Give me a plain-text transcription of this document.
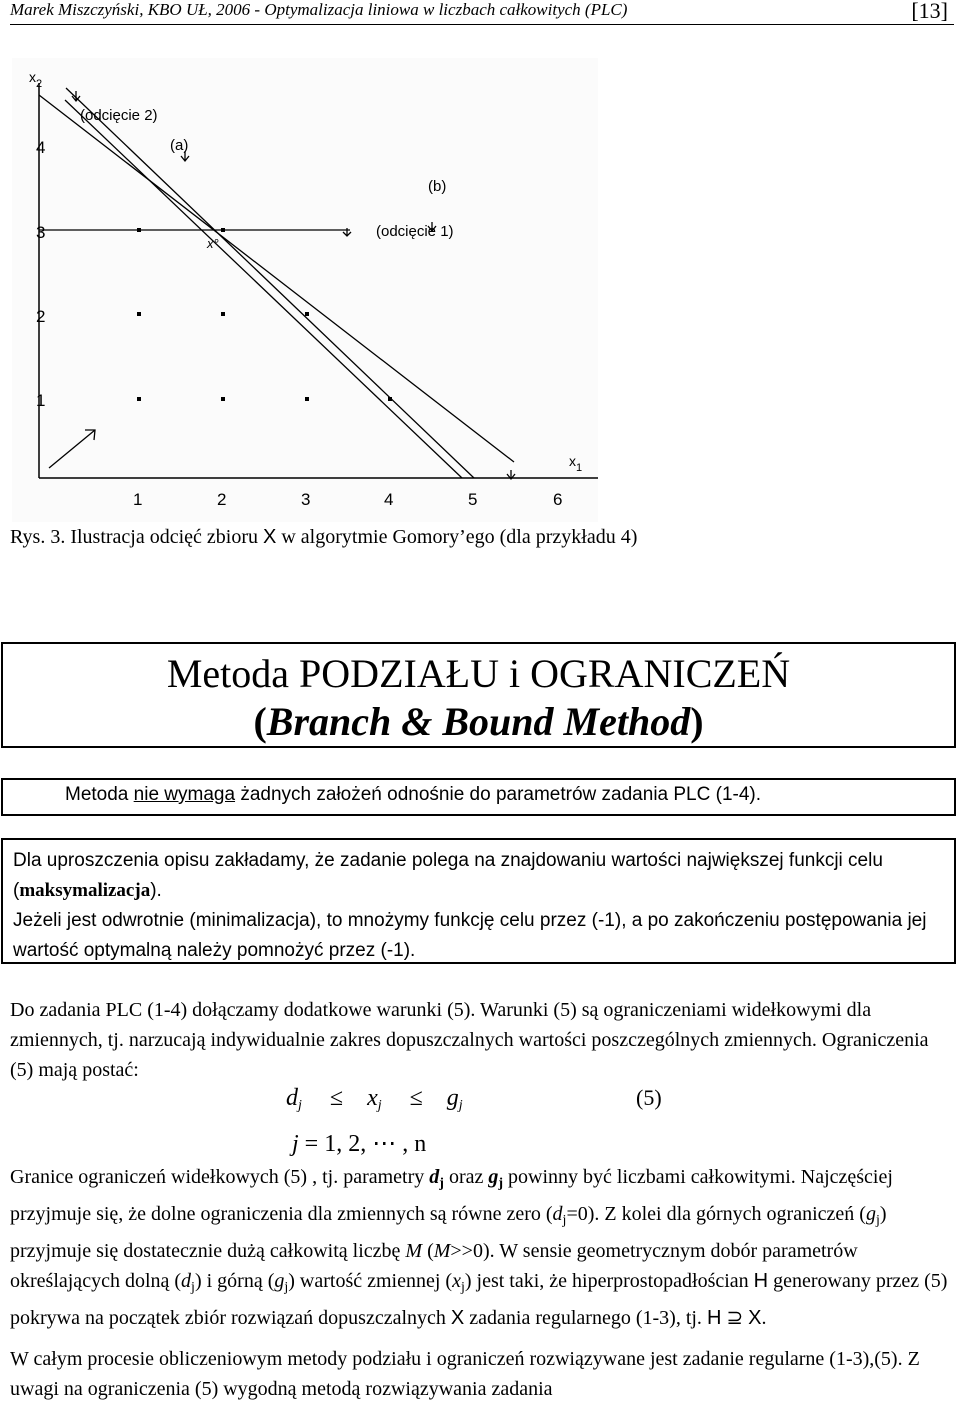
Marek Miszczyński, KBO UŁ, 2006 - Optymalizacja liniowa w liczbach całkowitych (PLC)	[13]
$x_2$
$x_1$
1	2	3	4	5	6
1
2
3
4
(odcięcie 2)
(a)
(b)
(odcięcie 1)
x°
Rys. 3. Ilustracja odcięć zbioru X w algorytmie Gomory’ego (dla przykładu 4)
Metoda PODZIAŁU i OGRANICZEŃ
(Branch & Bound Method)
Metoda nie wymaga żadnych założeń odnośnie do parametrów zadania PLC (1-4).
Dla uproszczenia opisu zakładamy, że zadanie polega na znajdowaniu wartości największej funkcji celu (maksymalizacja).
Jeżeli jest odwrotnie (minimalizacja), to mnożymy funkcję celu przez (-1), a po zakończeniu postępowania jej wartość optymalną należy pomnożyć przez (-1).
Do zadania PLC (1-4) dołączamy dodatkowe warunki (5). Warunki (5) są ograniczeniami widełkowymi dla zmiennych, tj. narzucają indywidualnie zakres dopuszczalnych wartości poszczególnych zmiennych. Ograniczenia (5) mają postać:
$d_j \le x_j \le g_j$	(5)
j = 1, 2, ⋯ , n
Granice ograniczeń widełkowych (5) , tj. parametry $d_j$ oraz $g_j$ powinny być liczbami całkowitymi. Najczęściej przyjmuje się, że dolne ograniczenia dla zmiennych są równe zero $(d_j=0)$. Z kolei dla górnych ograniczeń $(g_j)$ przyjmuje się dostatecznie dużą całkowitą liczbę M (M>>0). W sensie geometrycznym dobór parametrów określających dolną $(d_j)$ i górną $(g_j)$ wartość zmiennej $(x_j)$ jest taki, że hiperprostopadłościan H generowany przez (5) pokrywa na początek zbiór rozwiązań dopuszczalnych X zadania regularnego (1-3), tj. H ⊇ X.
W całym procesie obliczeniowym metody podziału i ograniczeń rozwiązywane jest zadanie regularne (1-3),(5). Z uwagi na ograniczenia (5) wygodną metodą rozwiązywania zadania
